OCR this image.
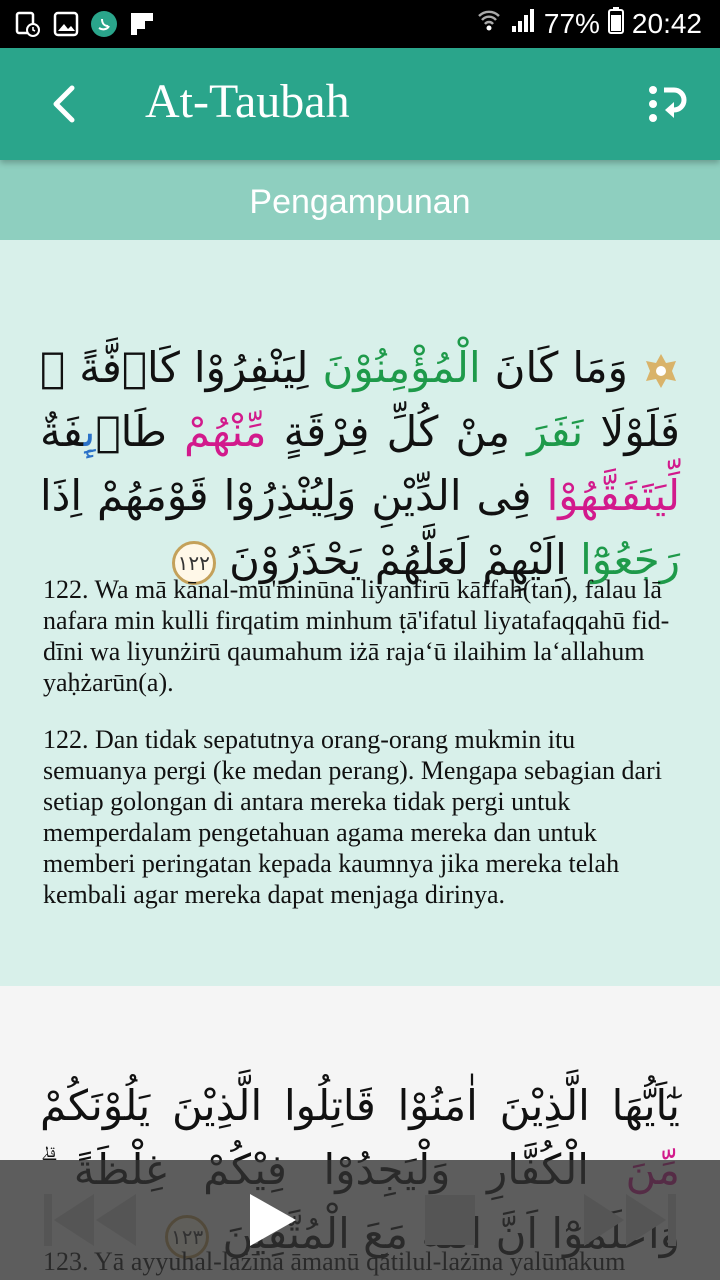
77% 20:42
At-Taubah
Pengampunan
وَمَا كَانَ الْمُؤْمِنُوْنَ لِيَنْفِرُوْا كَاۤفَّةً ۗ فَلَوْلَا نَفَرَ مِنْ كُلِّ فِرْقَةٍ مِّنْهُمْ طَاۤىِٕفَةٌ لِّيَتَفَقَّهُوْا فِى الدِّيْنِ وَلِيُنْذِرُوْا قَوْمَهُمْ اِذَا رَجَعُوْٓا اِلَيْهِمْ لَعَلَّهُمْ يَحْذَرُوْنَ ١٢٢
122. Wa mā kānal-mu'minūna liyanfirū kāffah(tan), falau lā nafara min kulli firqatim minhum ṭā'ifatul liyatafaqqahū fid-dīni wa liyunżirū qaumahum iżā raja‘ū ilaihim la‘allahum yaḥżarūn(a).
122. Dan tidak sepatutnya orang-orang mukmin itu semuanya pergi (ke medan perang). Mengapa sebagian dari setiap golongan di antara mereka tidak pergi untuk memperdalam pengetahuan agama mereka dan untuk memberi peringatan kepada kaumnya jika mereka telah kembali agar mereka dapat menjaga dirinya.
يٰٓاَيُّهَا الَّذِيْنَ اٰمَنُوْا قَاتِلُوا الَّذِيْنَ يَلُوْنَكُمْ
